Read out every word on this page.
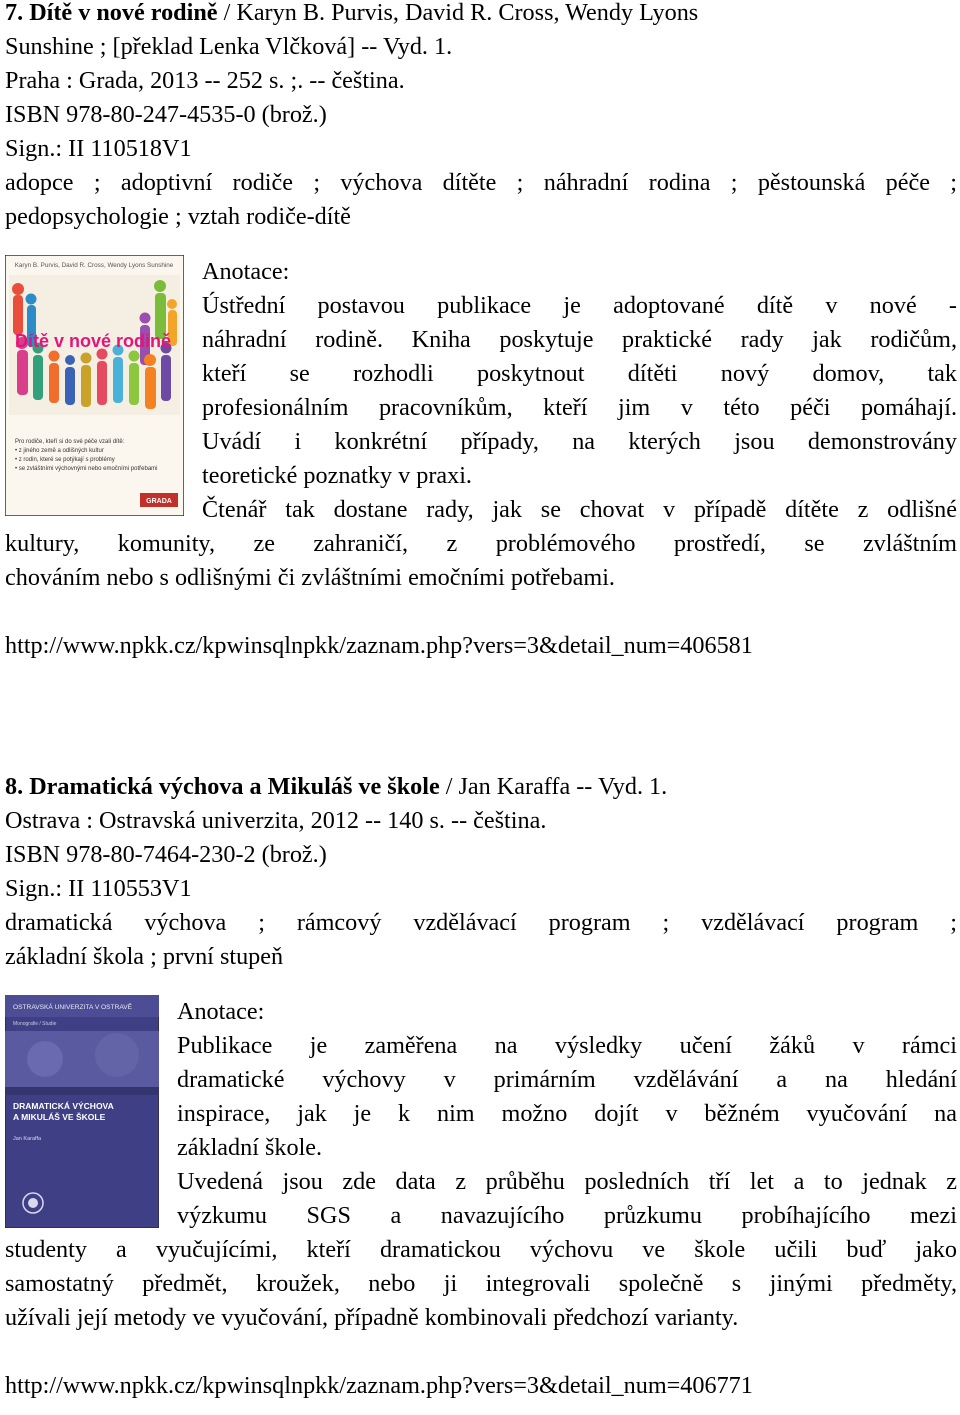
7. Dítě v nové rodině / Karyn B. Purvis, David R. Cross, Wendy Lyons
Sunshine ; [překlad Lenka Vlčková] -- Vyd. 1.
Praha : Grada, 2013 -- 252 s. ;. -- čeština.
ISBN 978-80-247-4535-0 (brož.)
Sign.: II 110518V1
adopce ; adoptivní rodiče ; výchova dítěte ; náhradní rodina ; pěstounská péče ;
pedopsychologie ; vztah rodiče-dítě
Karyn B. Purvis, David R. Cross, Wendy Lyons Sunshine
Dítě v nové rodině
Pro rodiče, kteří si do své péče vzali dítě:
• z jiného země a odlišných kultur
• z rodin, které se potýkají s problémy
• se zvláštními výchovnými nebo emočními potřebami
GRADA
Anotace:
Ústřední postavou publikace je adoptované dítě v nové -
náhradní rodině. Kniha poskytuje praktické rady jak rodičům,
kteří se rozhodli poskytnout dítěti nový domov, tak
profesionálním pracovníkům, kteří jim v této péči pomáhají.
Uvádí i konkrétní případy, na kterých jsou demonstrovány
teoretické poznatky v praxi.
Čtenář tak dostane rady, jak se chovat v případě dítěte z odlišné
kultury, komunity, ze zahraničí, z problémového prostředí, se zvláštním
chováním nebo s odlišnými či zvláštními emočními potřebami.
http://www.npkk.cz/kpwinsqlnpkk/zaznam.php?vers=3&detail_num=406581
8. Dramatická výchova a Mikuláš ve škole / Jan Karaffa -- Vyd. 1.
Ostrava : Ostravská univerzita, 2012 -- 140 s. -- čeština.
ISBN 978-80-7464-230-2 (brož.)
Sign.: II 110553V1
dramatická výchova ; rámcový vzdělávací program ; vzdělávací program ;
základní škola ; první stupeň
OSTRAVSKÁ UNIVERZITA V OSTRAVĚ
Monografie / Studie
DRAMATICKÁ VÝCHOVA
A MIKULÁŠ VE ŠKOLE
Jan Karaffa
Anotace:
Publikace je zaměřena na výsledky učení žáků v rámci
dramatické výchovy v primárním vzdělávání a na hledání
inspirace, jak je k nim možno dojít v běžném vyučování na
základní škole.
Uvedená jsou zde data z průběhu posledních tří let a to jednak z
výzkumu SGS a navazujícího průzkumu probíhajícího mezi
studenty a vyučujícími, kteří dramatickou výchovu ve škole učili buď jako
samostatný předmět, kroužek, nebo ji integrovali společně s jinými předměty,
užívali její metody ve vyučování, případně kombinovali předchozí varianty.
http://www.npkk.cz/kpwinsqlnpkk/zaznam.php?vers=3&detail_num=406771
